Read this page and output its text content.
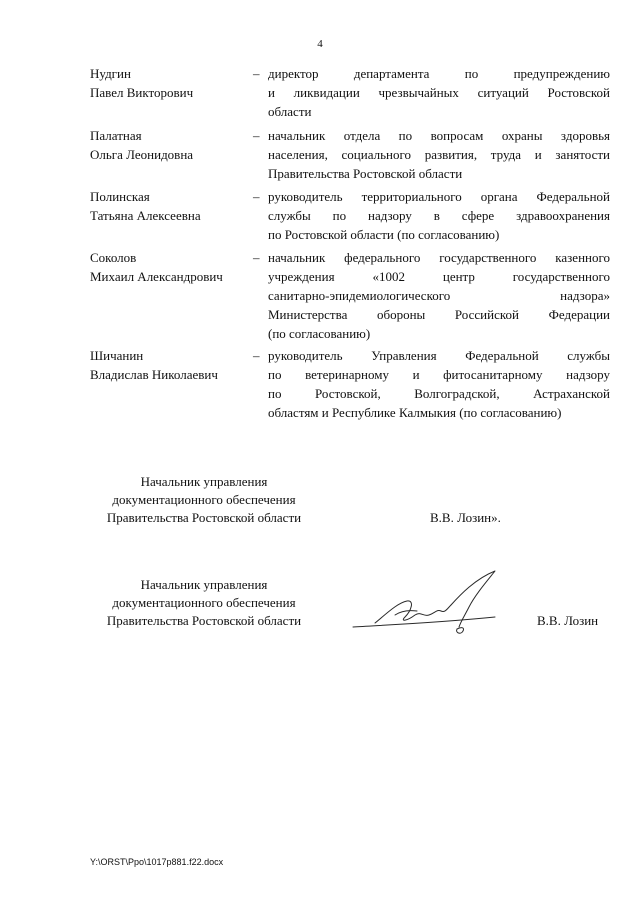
4
Нудгин
Павел Викторович
– директор департамента по предупреждению
и ликвидации чрезвычайных ситуаций Ростовской
области
Палатная
Ольга Леонидовна
– начальник отдела по вопросам охраны здоровья
населения, социального развития, труда и занятости
Правительства Ростовской области
Полинская
Татьяна Алексеевна
– руководитель территориального органа Федеральной
службы по надзору в сфере здравоохранения
по Ростовской области (по согласованию)
Соколов
Михаил Александрович
– начальник федерального государственного казенного
учреждения «1002 центр государственного
санитарно-эпидемиологического надзора»
Министерства обороны Российской Федерации
(по согласованию)
Шичанин
Владислав Николаевич
– руководитель Управления Федеральной службы
по ветеринарному и фитосанитарному надзору
по Ростовской, Волгоградской, Астраханской
областям и Республике Калмыкия (по согласованию)
Начальник управления
документационного обеспечения
Правительства Ростовской области	В.В. Лозин».
Начальник управления
документационного обеспечения
Правительства Ростовской области	В.В. Лозин
Y:\ORST\Ppo\1017p881.f22.docx
